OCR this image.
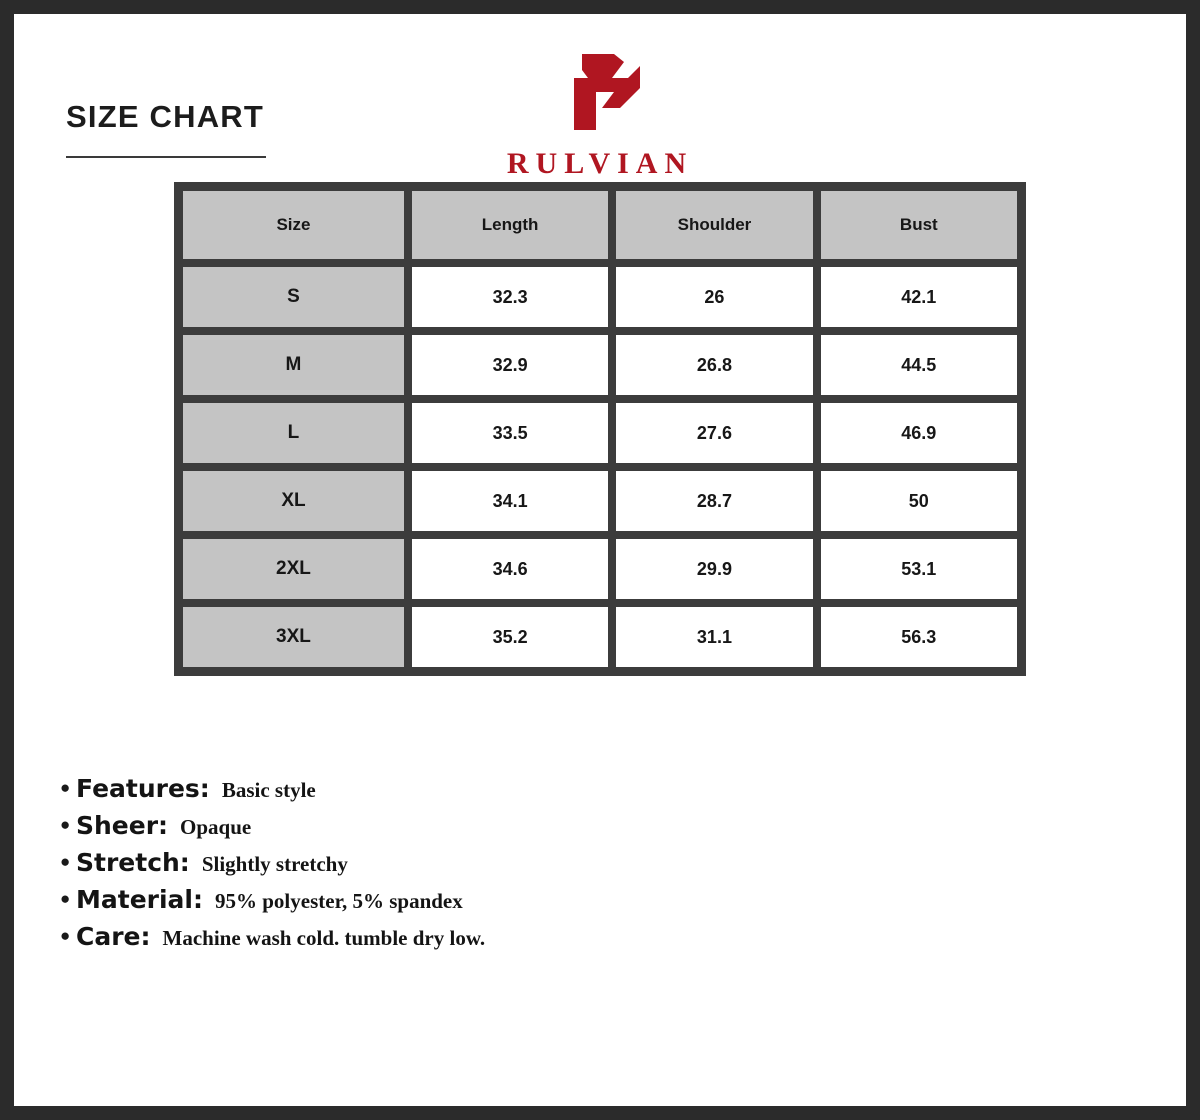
SIZE CHART
RULVIAN
Size	Length	Shoulder	Bust
S	32.3	26	42.1
M	32.9	26.8	44.5
L	33.5	27.6	46.9
XL	34.1	28.7	50
2XL	34.6	29.9	53.1
3XL	35.2	31.1	56.3
● Features: Basic style
● Sheer: Opaque
● Stretch: Slightly stretchy
● Material: 95% polyester, 5% spandex
● Care: Machine wash cold. tumble dry low.
